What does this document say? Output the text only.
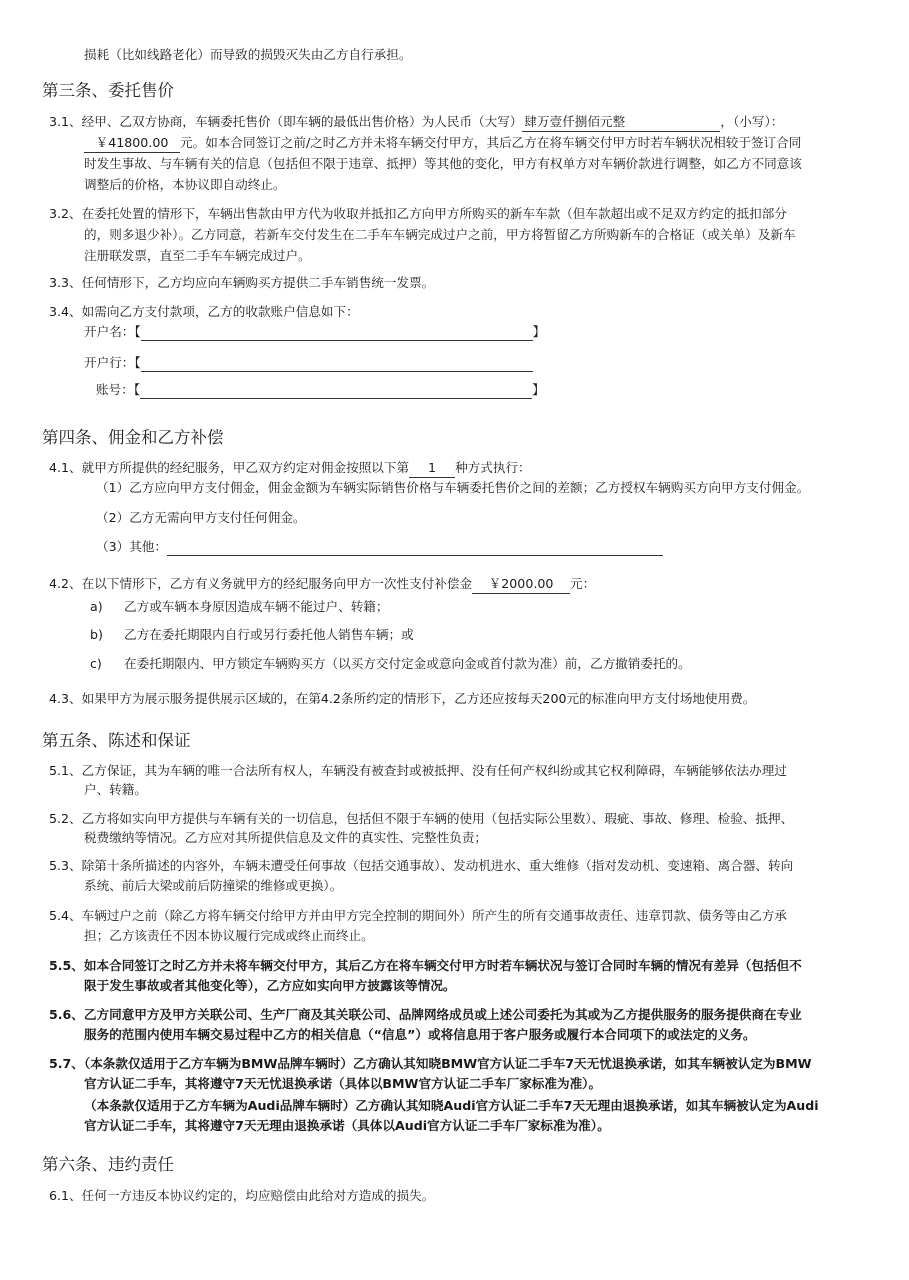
损耗（比如线路老化）而导致的损毁灭失由乙方自行承担。
第三条、委托售价
3.1、经甲、乙双方协商，车辆委托售价（即车辆的最低出售价格）为人民币（大写） 肆万壹仟捌佰元整	，（小写）：
￥41800.00 元。如本合同签订之前/之时乙方并未将车辆交付甲方，其后乙方在将车辆交付甲方时若车辆状况相较于签订合同
时发生事故、与车辆有关的信息（包括但不限于违章、抵押）等其他的变化，甲方有权单方对车辆价款进行调整，如乙方不同意该
调整后的价格，本协议即自动终止。
3.2、在委托处置的情形下，车辆出售款由甲方代为收取并抵扣乙方向甲方所购买的新车车款（但车款超出或不足双方约定的抵扣部分
的，则多退少补）。乙方同意，若新车交付发生在二手车车辆完成过户之前，甲方将暂留乙方所购新车的合格证（或关单）及新车
注册联发票，直至二手车车辆完成过户。
3.3、任何情形下，乙方均应向车辆购买方提供二手车销售统一发票。
3.4、如需向乙方支付款项，乙方的收款账户信息如下：
开户名：【	】
开户行：【
账号：【	】
第四条、佣金和乙方补偿
4.1、就甲方所提供的经纪服务，甲乙双方约定对佣金按照以下第 1 种方式执行：
（1）乙方应向甲方支付佣金，佣金金额为车辆实际销售价格与车辆委托售价之间的差额；乙方授权车辆购买方向甲方支付佣金。
（2）乙方无需向甲方支付任何佣金。
（3）其他：
4.2、在以下情形下，乙方有义务就甲方的经纪服务向甲方一次性支付补偿金 ￥2000.00 元：
a) 乙方或车辆本身原因造成车辆不能过户、转籍；
b) 乙方在委托期限内自行或另行委托他人销售车辆；或
c) 在委托期限内、甲方锁定车辆购买方（以买方交付定金或意向金或首付款为准）前，乙方撤销委托的。
4.3、如果甲方为展示服务提供展示区域的，在第4.2条所约定的情形下，乙方还应按每天200元的标准向甲方支付场地使用费。
第五条、陈述和保证
5.1、乙方保证，其为车辆的唯一合法所有权人，车辆没有被查封或被抵押、没有任何产权纠纷或其它权利障碍，车辆能够依法办理过
户、转籍。
5.2、乙方将如实向甲方提供与车辆有关的一切信息，包括但不限于车辆的使用（包括实际公里数）、瑕疵、事故、修理、检验、抵押、
税费缴纳等情况。乙方应对其所提供信息及文件的真实性、完整性负责；
5.3、除第十条所描述的内容外，车辆未遭受任何事故（包括交通事故）、发动机进水、重大维修（指对发动机、变速箱、离合器、转向
系统、前后大梁或前后防撞梁的维修或更换）。
5.4、车辆过户之前（除乙方将车辆交付给甲方并由甲方完全控制的期间外）所产生的所有交通事故责任、违章罚款、债务等由乙方承
担；乙方该责任不因本协议履行完成或终止而终止。
5.5、如本合同签订之时乙方并未将车辆交付甲方，其后乙方在将车辆交付甲方时若车辆状况与签订合同时车辆的情况有差异（包括但不
限于发生事故或者其他变化等），乙方应如实向甲方披露该等情况。
5.6、乙方同意甲方及甲方关联公司、生产厂商及其关联公司、品牌网络成员或上述公司委托为其或为乙方提供服务的服务提供商在专业
服务的范围内使用车辆交易过程中乙方的相关信息（“信息”）或将信息用于客户服务或履行本合同项下的或法定的义务。
5.7、（本条款仅适用于乙方车辆为BMW品牌车辆时）乙方确认其知晓BMW官方认证二手车7天无忧退换承诺，如其车辆被认定为BMW
官方认证二手车，其将遵守7天无忧退换承诺（具体以BMW官方认证二手车厂家标准为准）。
（本条款仅适用于乙方车辆为Audi品牌车辆时）乙方确认其知晓Audi官方认证二手车7天无理由退换承诺，如其车辆被认定为Audi
官方认证二手车，其将遵守7天无理由退换承诺（具体以Audi官方认证二手车厂家标准为准）。
第六条、违约责任
6.1、任何一方违反本协议约定的，均应赔偿由此给对方造成的损失。
